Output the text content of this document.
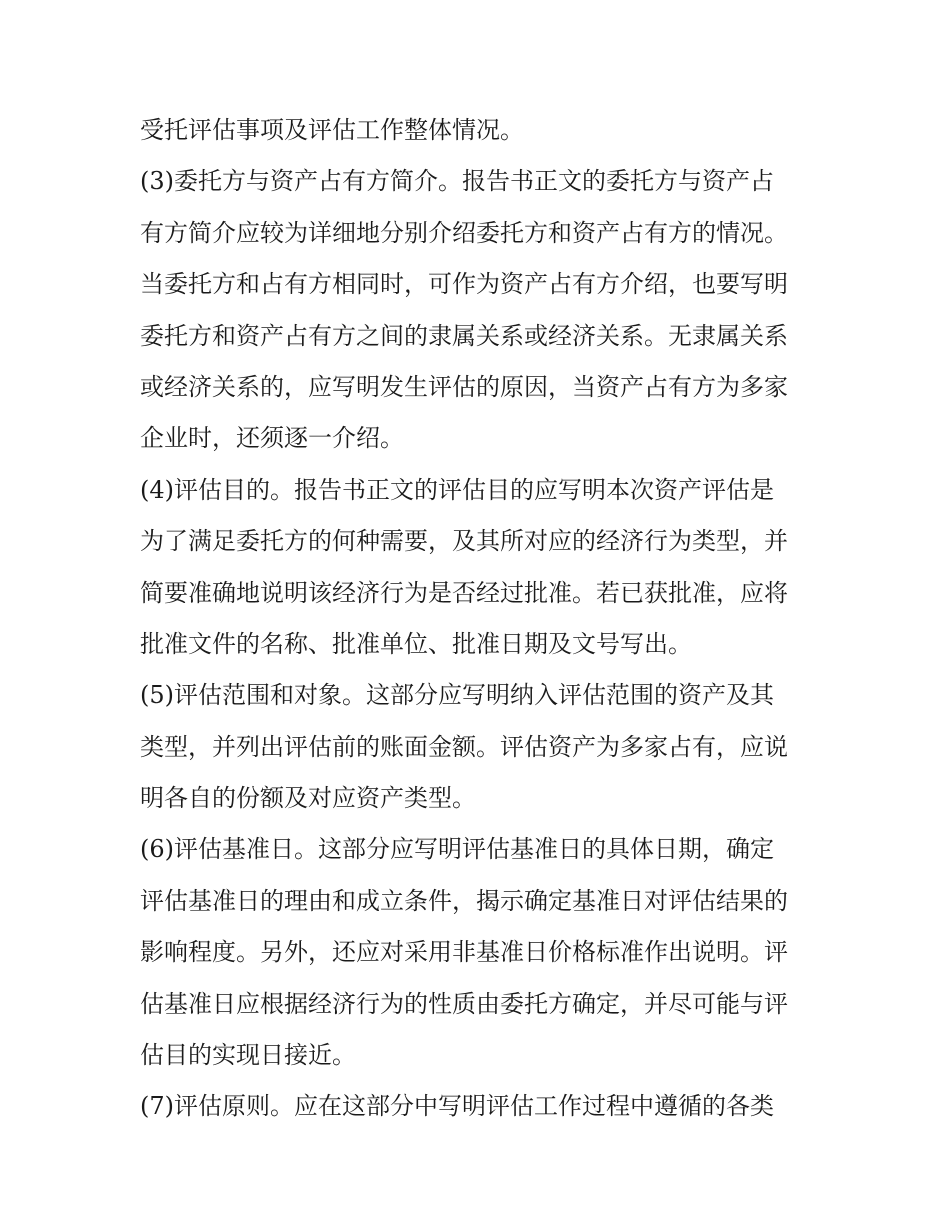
受托评估事项及评估工作整体情况。
(3)委托方与资产占有方简介。报告书正文的委托方与资产占
有方简介应较为详细地分别介绍委托方和资产占有方的情况。
当委托方和占有方相同时，可作为资产占有方介绍，也要写明
委托方和资产占有方之间的隶属关系或经济关系。无隶属关系
或经济关系的，应写明发生评估的原因，当资产占有方为多家
企业时，还须逐一介绍。
(4)评估目的。报告书正文的评估目的应写明本次资产评估是
为了满足委托方的何种需要，及其所对应的经济行为类型，并
简要准确地说明该经济行为是否经过批准。若已获批准，应将
批准文件的名称、批准单位、批准日期及文号写出。
(5)评估范围和对象。这部分应写明纳入评估范围的资产及其
类型，并列出评估前的账面金额。评估资产为多家占有，应说
明各自的份额及对应资产类型。
(6)评估基准日。这部分应写明评估基准日的具体日期，确定
评估基准日的理由和成立条件，揭示确定基准日对评估结果的
影响程度。另外，还应对采用非基准日价格标准作出说明。评
估基准日应根据经济行为的性质由委托方确定，并尽可能与评
估目的实现日接近。
(7)评估原则。应在这部分中写明评估工作过程中遵循的各类
